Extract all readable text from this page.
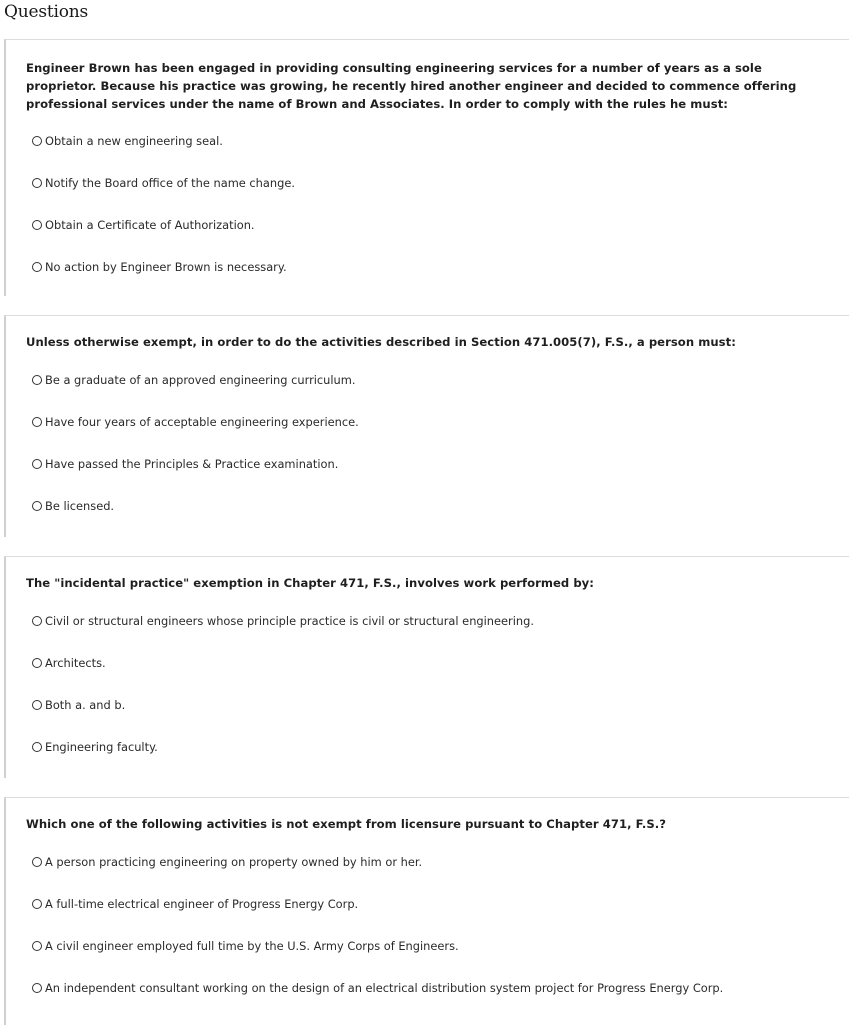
Questions
Engineer Brown has been engaged in providing consulting engineering services for a number of years as a sole proprietor. Because his practice was growing, he recently hired another engineer and decided to commence offering professional services under the name of Brown and Associates. In order to comply with the rules he must:
Obtain a new engineering seal.
Notify the Board office of the name change.
Obtain a Certificate of Authorization.
No action by Engineer Brown is necessary.
Unless otherwise exempt, in order to do the activities described in Section 471.005(7), F.S., a person must:
Be a graduate of an approved engineering curriculum.
Have four years of acceptable engineering experience.
Have passed the Principles & Practice examination.
Be licensed.
The "incidental practice" exemption in Chapter 471, F.S., involves work performed by:
Civil or structural engineers whose principle practice is civil or structural engineering.
Architects.
Both a. and b.
Engineering faculty.
Which one of the following activities is not exempt from licensure pursuant to Chapter 471, F.S.?
A person practicing engineering on property owned by him or her.
A full-time electrical engineer of Progress Energy Corp.
A civil engineer employed full time by the U.S. Army Corps of Engineers.
An independent consultant working on the design of an electrical distribution system project for Progress Energy Corp.
